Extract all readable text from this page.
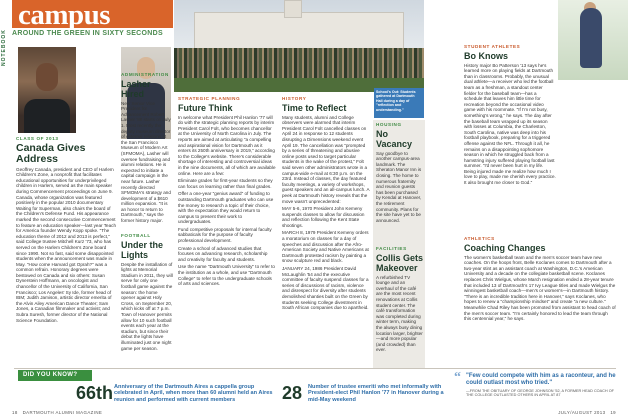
NOTEBOOK
campus
AROUND THE GREEN IN SIXTY SECONDS
School's Out: Students gathered at Dartmouth Hall during a day of "reflection and understanding."
CLASS OF 2013
Canada Gives Address

Geoffrey Canada, president and CEO of Harlem Children's Zone, a nonprofit that facilitates educational opportunities for underprivileged children in Harlem, served as the main speaker during Commencement proceedings on June 9. Canada, whose organization was featured positively in the popular 2010 documentary Waiting for Superman, also chairs the board of the Children's Defense Fund. His appearance marked the second consecutive Commencement to feature an education speaker—last year Teach for America founder Wendy Kopp spoke. "The education theme of 2012 and 2013 is perfect," said College trustee Mitchell Kurz '73, who has served on the Harlem Children's Zone board since 1990. Not so fast, said some disappointed students when the announcement was made in May. "How come Harvard got Oprah?" was a common refrain. Honorary degrees were bestowed on Canada and six others: Susan Dynerstein Hoffmann, an oncologist and chancellor of the University of California, San Francisco; Los Angeles' Sy Ide, former head of IBM; Judith Jamison, artistic director emerita of the Alvin Ailey American Dance Theater; Sam Jones, a Canadian filmmaker and activist; and Subra Suresh, former director of the National Science Foundation.

ADMINISTRATION
Lasher Hired

New Senior Vice President for Advancement Robert Lasher '88 starts on July 1. Most recently the deputy museum director of external relations at the San Francisco Museum of Modern Art (SFMOMA), Lasher will oversee fundraising and alumni relations. He is expected to initiate a capital campaign in the near future. Lasher recently directed SFMOMA's strategy and development of a $610 million expansion. "It is an honor to return to Dartmouth," says the former history major.

FOOTBALL
Under the Lights

Despite the installation of lights at Memorial Stadium in 2011, they will serve for only one football game against the season: the home opener against Holy Cross, on September 20, which kicks off at 7 p.m. Town of Hanover permits allow for 10 such football events each year at the stadium, but since their debut the lights have illuminated just one night game per season.

STRATEGIC PLANNING
Future Think

In welcome what President Phil Hanlon '77 will do with the strategic planning reports by interim President Carol Folt, who becomes chancellor at the University of North Carolina in July. The reports are aimed at articulating "a compelling and aspirational vision for Dartmouth as it enters its 250th anniversary in 2019," according to the College's website. There's considerable shortage of interesting and controversial ideas in the nine documents, all of which are available online. Here are a few:

Eliminate grades for first-year students so they can focus on learning rather than final grades.

Offer a one-year "genius award" of funding to outstanding Dartmouth graduates who can use the money to research a topic of their choice, with the expectation they would return to campus to present their work to undergraduates.

Fund competitive proposals for internal faculty sabbaticals for the purpose of faculty professional development.

Create a school of advanced studies that focuses on advancing research, scholarship and creativity for faculty and students.

Use the name "Dartmouth University" to refer to the institution as a whole, and use "Dartmouth College" to refer to the undergraduate schools of arts and sciences.

HISTORY
Time to Reflect

Many students, alumni and College observers were alarmed that interim President Carol Folt cancelled classes on April 24 in response to 12 students disrupting a Dimensions weekend event April 19. The cancellation was "prompted by a series of threatening and abusive online posts used to target particular students in the wake of the protest," Folt said seven other administrators wrote in a campus-wide e-mail at 6:30 p.m. on the 23rd. Instead of classes, the day featured faculty meetings, a variety of workshops, guest speakers and an all-campus lunch. A peek at Dartmouth history reveals that the move wasn't unprecedented:

MAY 5-6, 1970 President John Kemeny suspends classes to allow for discussion and reflection following the Kent State shootings.

MARCH 8, 1979 President Kemeny orders a moratorium on classes for a day of speeches and discussion after the Afro-American Society and Native Americans at Dartmouth protested racism by painting a snow sculpture red and black.

JANUARY 24, 1986 President David McLaughlin '54 and the executive committee of faculty suspend classes for a series of discussions of racism, violence and disrespect for diversity after students demolished shanties built on the Green by students seeking College divestment in South African companies due to apartheid.

HOUSING
No Vacancy

Say goodbye to another campus-area landmark. The Sheraton Manor Inn is closing. The home to numerous fraternity and reunion guests has been purchased by Kendal at Hanover, the retirement community. Plans for the site have yet to be announced.

FACILITIES
Collis Gets Makeover

A refurbished TV lounge and an overhaul of the café are the most recent renovations at Collis student center. The café transformation was completed during winter term, making the always busy dining location larger, brighter—and more popular (and crowded) than ever.

STUDENT ATHLETES
Bo Knows

History major Bo Patterson '13 says he's learned more on playing fields at Dartmouth than in classrooms. Probably, the unusual dual athlete—a receiver who led the football team as a freshman, a standout center fielder for the baseball team—has a schedule that leaves him little time for recreation beyond the occasional video game with his roommate. "If I'm not busy, something's wrong," he says. The day after the baseball team wrapped up its season with losses at Columbia, the Charleston, South Carolina, native was deep into his football playbook, preparing for a triggered offense against the NFL. Through it all, he remains on a disappointing sophomore season in which he struggled back from a hamstring injury suffered playing football last summer. "I'd never been hurt in my life. Being injured made me realize how much I love to play, made me cherish every practice. It also brought me closer to God."

ATHLETICS
Coaching Changes

The women's basketball team and the men's soccer team have new coaches. On the hoops front, Belle Koclanes comes to Dartmouth after a two-year stint as an assistant coach at Washington, D.C.'s American University and a decade on the collegiate basketball scene. Koclanes replaces Chris Wielgus, whose March resignation ended a 28-year tenure that included 13 of Dartmouth's 17 Ivy League titles and made Wielgus the winningest basketball coach—men's or women's—in Dartmouth history. "There is an incredible tradition here in Hanover," says Koclanes, who hopes to renew a "championship mindset" and create "a new culture." Meanwhile Chad Riley has been promoted from assistant to head coach of the men's soccer team. "I'm certainly honored to lead the team through this centennial year," he says.

DID YOU KNOW?
66th Anniversary of the Dartmouth Aires a cappella group celebrated in April, when more than 60 alumni held an Aires reunion and performed with current members	28 Number of trustee emeriti who met informally with President-elect Phil Hanlon '77 in Hanover during a mid-May weekend
“ "Few could compete with him as a raconteur, and he could outlast most who tried."
—FROM THE OBITUARY OF GEORGE JOHNSON '52, A FORMER HEAD COACH OF THE COLLEGE OUTLASTED OTHERS IN APRIL AT 87
18 DARTMOUTH ALUMNI MAGAZINE	JULY/AUGUST 2013 19
